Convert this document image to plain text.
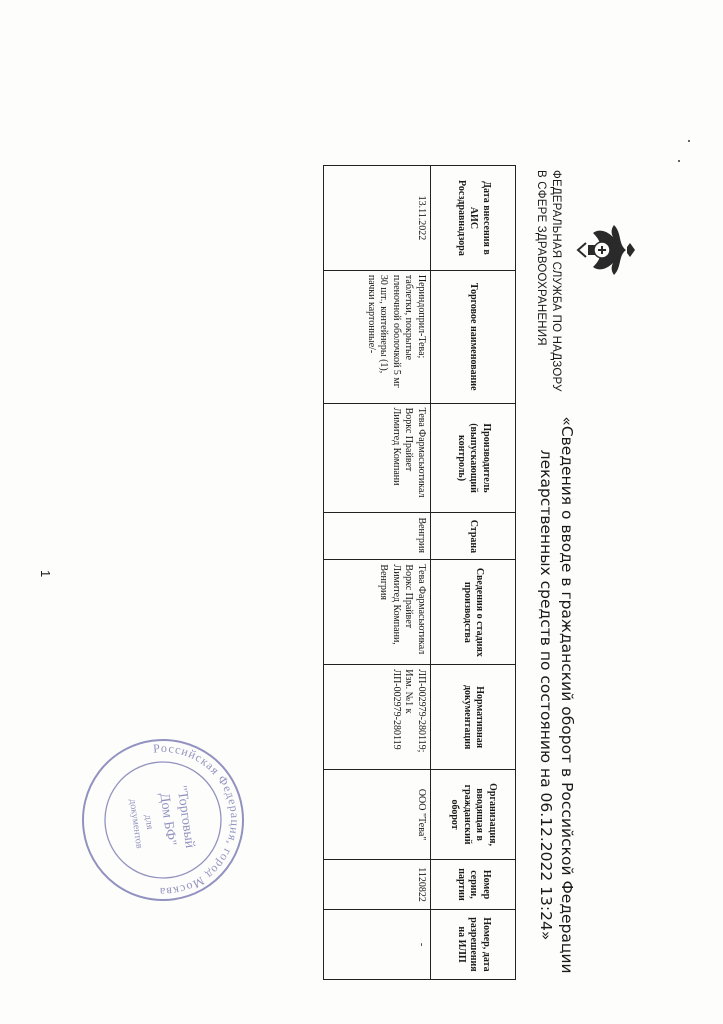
ФЕДЕРАЛЬНАЯ СЛУЖБА ПО НАДЗОРУ
В СФЕРЕ ЗДРАВООХРАНЕНИЯ
«Сведения о вводе в гражданский оборот в Российской Федерации
лекарственных средств по состоянию на 06.12.2022 13:24»
Дата внесения в АИС Росздравнадзора	Торговое наименование	Производитель (выпускающий контроль)	Страна	Сведения о стадиях производства	Нормативная документация	Организация, вводящая в гражданский оборот	Номер серии, партии	Номер, дата разрешения на ИЛП
13.11.2022	Периндоприл-Тева; таблетки, покрытые пленочной оболочкой 5 мг 30 шт., контейнеры (1), пачки картонные/-	Тева Фармасьютикал Воркс Прайвет Лимитед Компани	Венгрия	Тева Фармасьютикал Воркс Прайвет Лимитед Компани, Венгрия	ЛП-002979-280119; Изм. №1 к ЛП-002979-280119	ООО "Тева"	1120822	-
1
Российская Федерация, город Москва
"Торговый
Дом БФ"
для
документов
